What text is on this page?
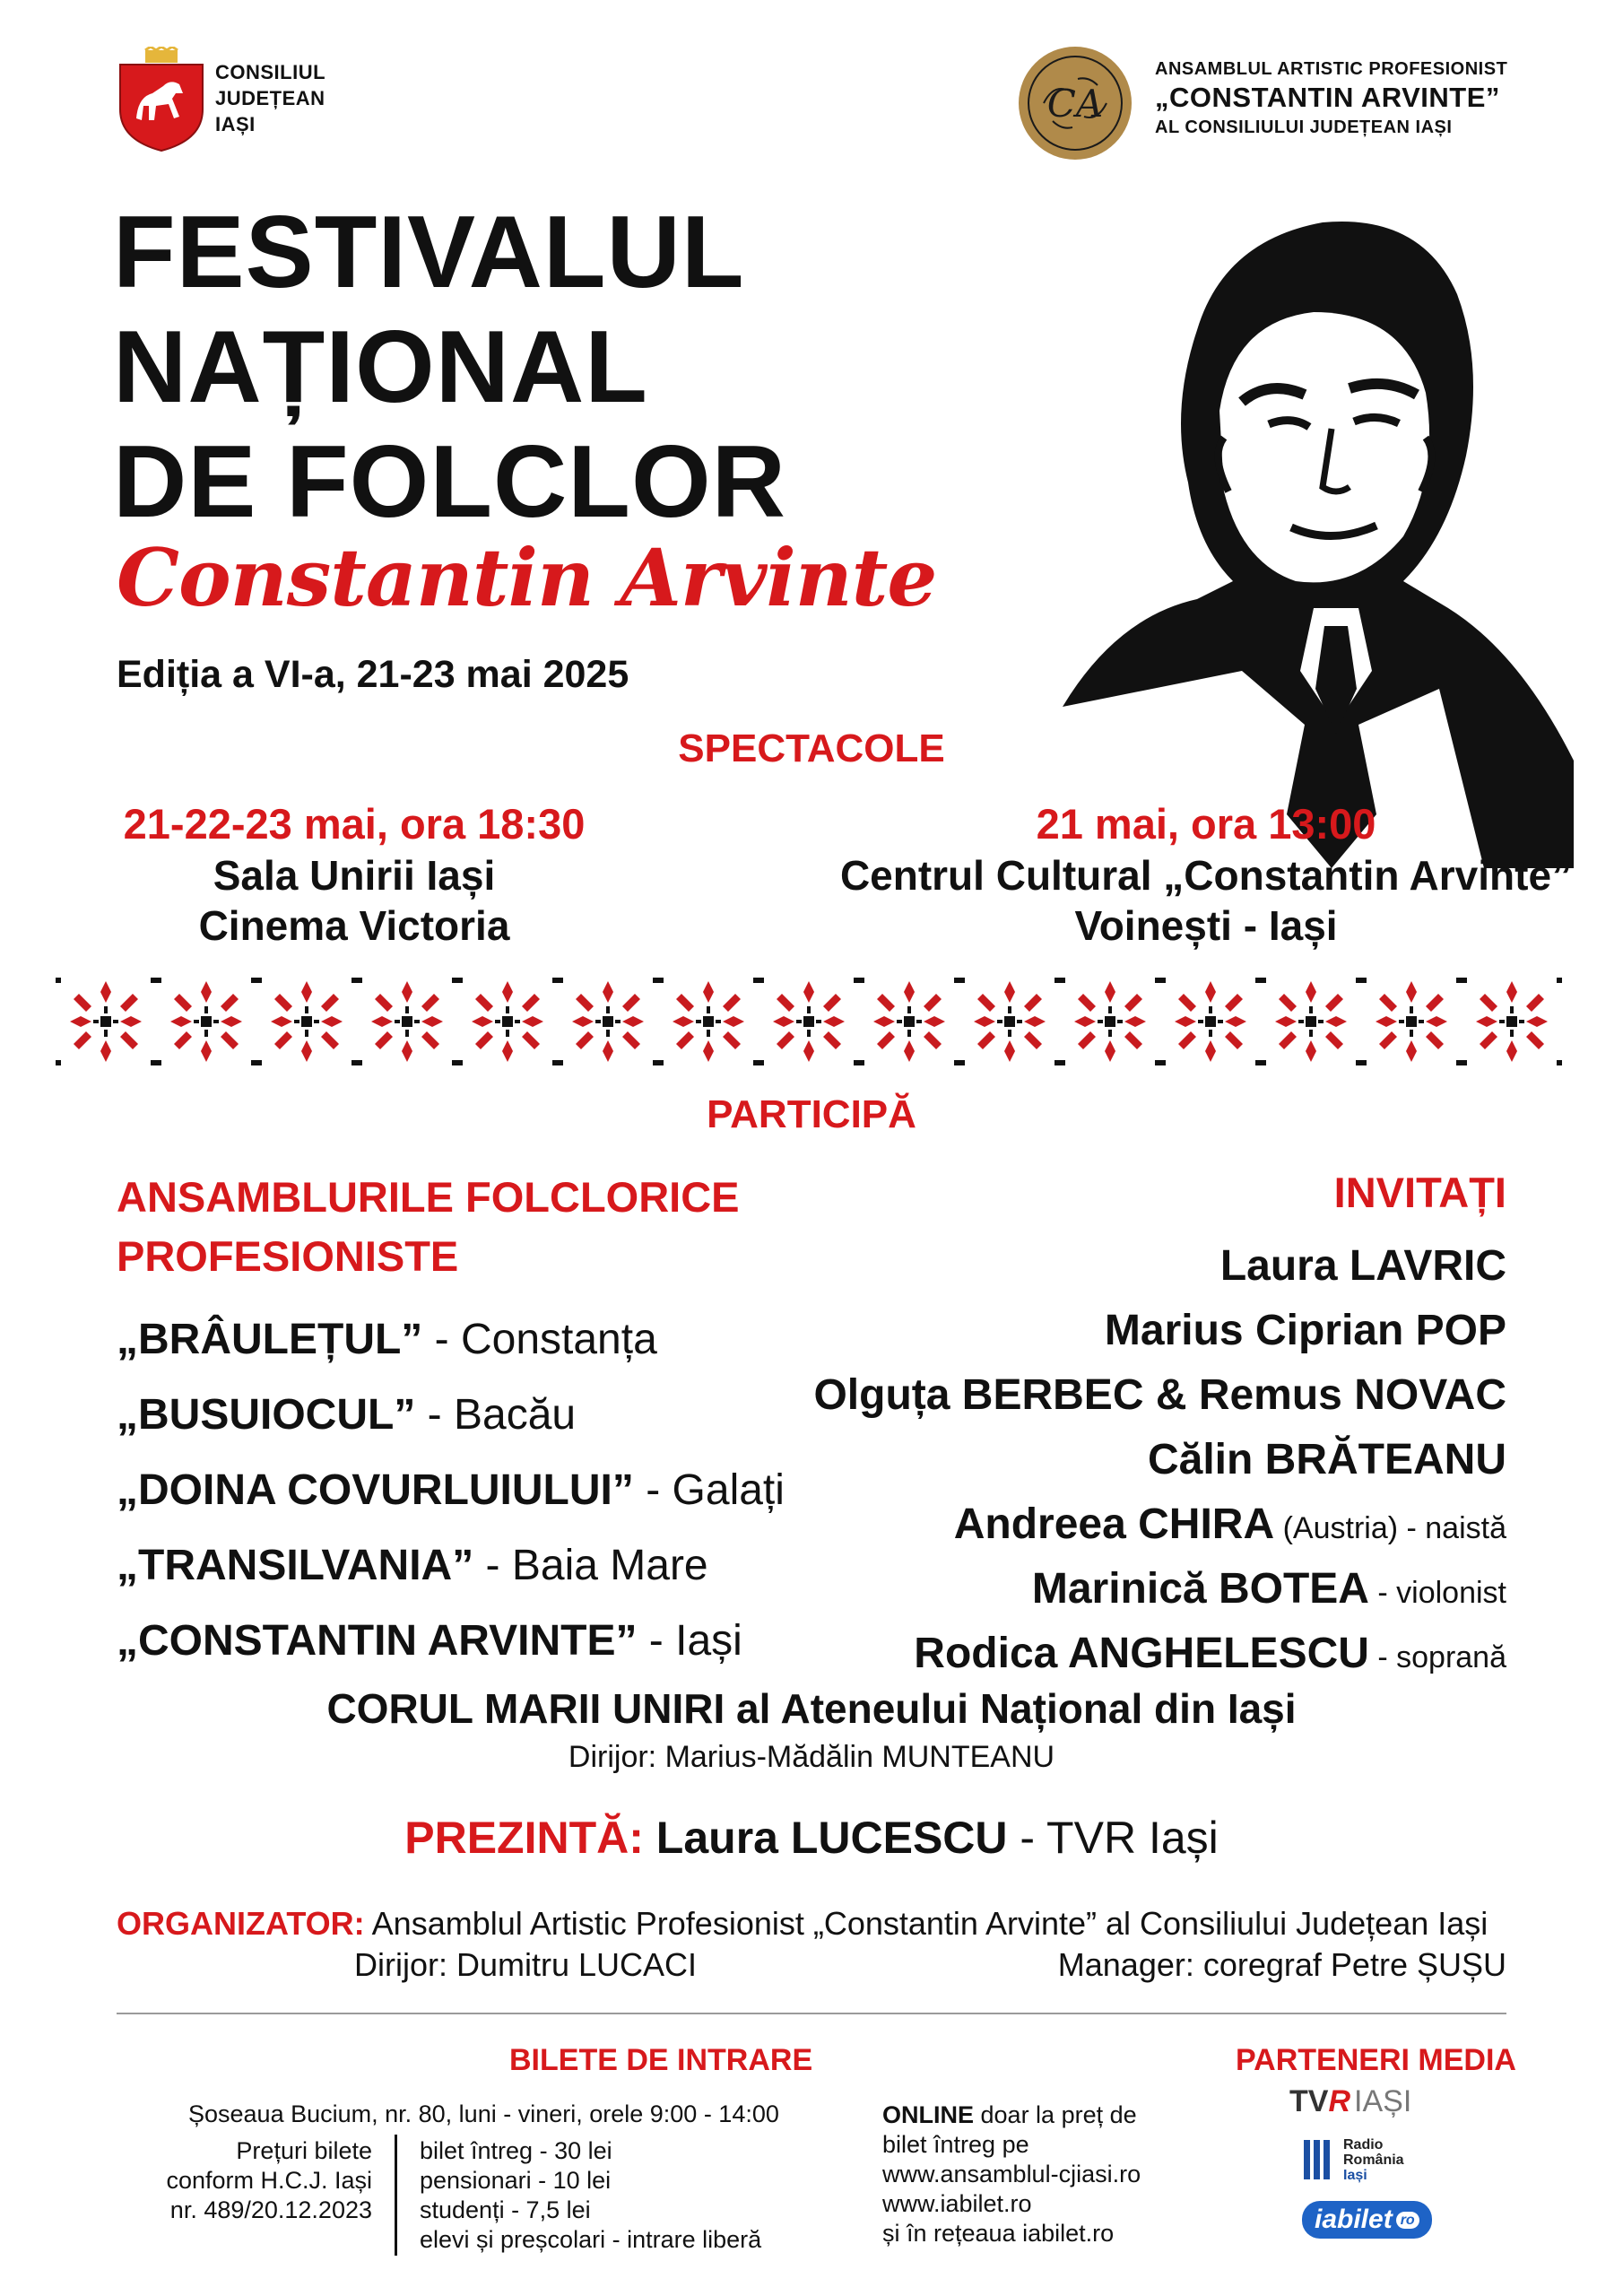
CONSILIUL
JUDEȚEAN
IAȘI	CA
ANSAMBLUL ARTISTIC PROFESIONIST
„CONSTANTIN ARVINTE”
AL CONSILIULUI JUDEȚEAN IAȘI
FESTIVALUL
NAȚIONAL
DE FOLCLOR
Constantin Arvinte
Ediția a VI-a, 21-23 mai 2025
SPECTACOLE
21-22-23 mai, ora 18:30
Sala Unirii Iași
Cinema Victoria
21 mai, ora 13:00
Centrul Cultural „Constantin Arvinte”
Voinești - Iași
PARTICIPĂ
ANSAMBLURILE FOLCLORICE
PROFESIONISTE
„BRÂULEȚUL” - Constanța
„BUSUIOCUL” - Bacău
„DOINA COVURLUIULUI” - Galați
„TRANSILVANIA” - Baia Mare
„CONSTANTIN ARVINTE” - Iași
INVITAȚI
Laura LAVRIC
Marius Ciprian POP
Olguța BERBEC & Remus NOVAC
Călin BRĂTEANU
Andreea CHIRA (Austria) - naistă
Marinică BOTEA - violonist
Rodica ANGHELESCU - soprană
CORUL MARII UNIRI al Ateneului Național din Iași
Dirijor: Marius-Mădălin MUNTEANU
PREZINTĂ: Laura LUCESCU - TVR Iași
ORGANIZATOR: Ansamblul Artistic Profesionist „Constantin Arvinte” al Consiliului Județean Iași
Dirijor: Dumitru LUCACI	Manager: coregraf Petre ȘUȘU
BILETE DE INTRARE
Șoseaua Bucium, nr. 80, luni - vineri, orele 9:00 - 14:00
Prețuri bilete
conform H.C.J. Iași
nr. 489/20.12.2023
bilet întreg - 30 lei
pensionari - 10 lei
studenți - 7,5 lei
elevi și preșcolari - intrare liberă
ONLINE doar la preț de bilet întreg pe
www.ansamblul-cjiasi.ro
www.iabilet.ro
și în rețeaua iabilet.ro
PARTENERI MEDIA
TVR IAȘI
Radio
România
Iași
iabilet ro
